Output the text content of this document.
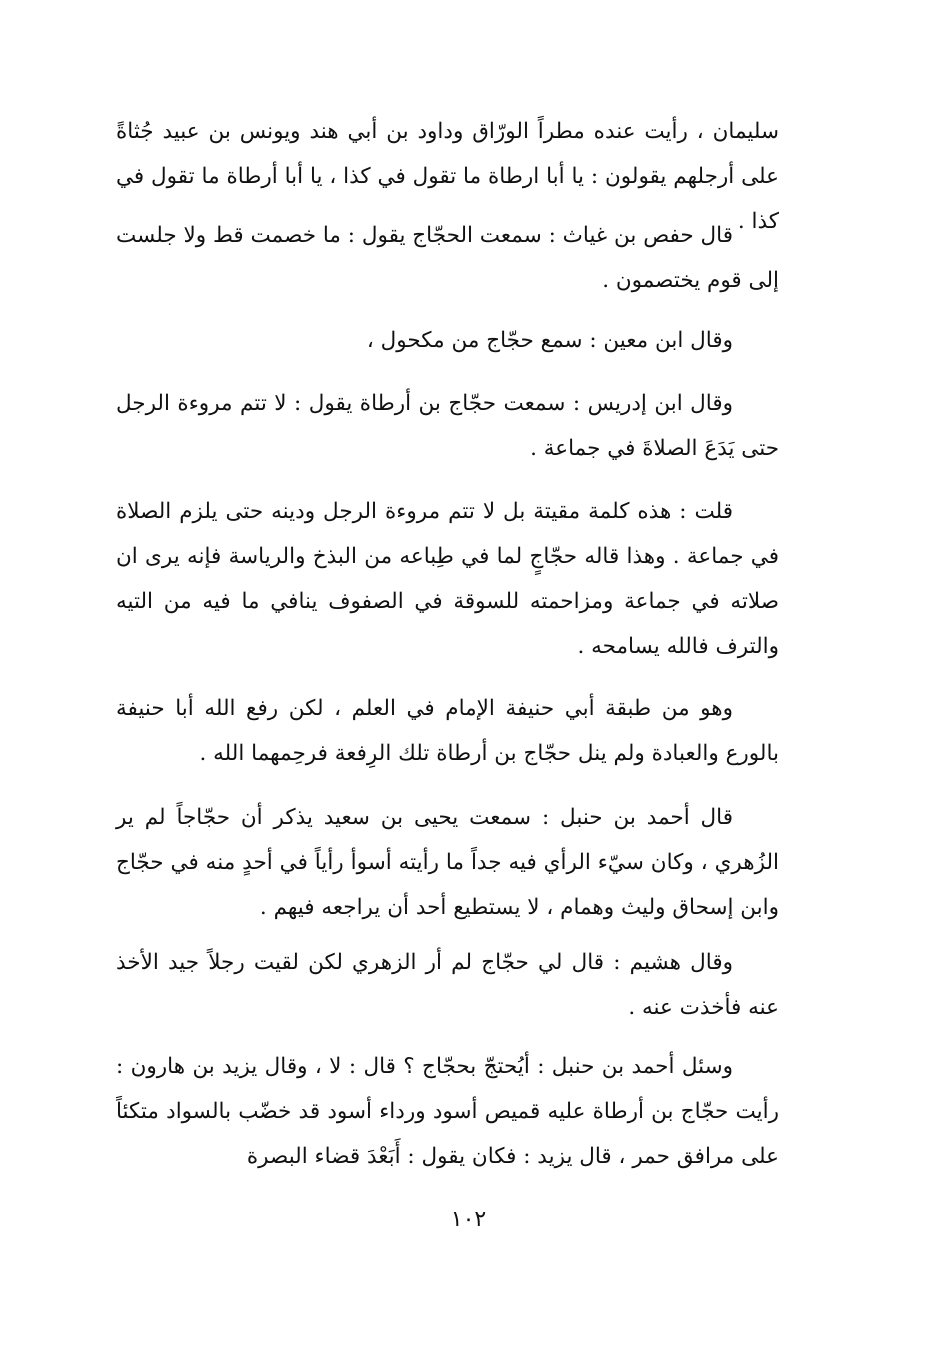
سليمان ، رأيت عنده مطراً الورّاق وداود بن أبي هند ويونس بن عبيد جُثاةً على أرجلهم يقولون : يا أبا ارطاة ما تقول في كذا ، يا أبا أرطاة ما تقول في كذا .

قال حفص بن غياث : سمعت الحجّاج يقول : ما خصمت قط ولا جلست إلى قوم يختصمون .

وقال ابن معين : سمع حجّاج من مكحول ،

وقال ابن إدريس : سمعت حجّاج بن أرطاة يقول : لا تتم مروءة الرجل حتى يَدَعَ الصلاةَ في جماعة .

قلت : هذه كلمة مقيتة بل لا تتم مروءة الرجل ودينه حتى يلزم الصلاة في جماعة . وهذا قاله حجّاجٍ لما في طِباعه من البذخ والرياسة فإنه يرى ان صلاته في جماعة ومزاحمته للسوقة في الصفوف ينافي ما فيه من التيه والترف فالله يسامحه .

وهو من طبقة أبي حنيفة الإمام في العلم ، لكن رفع الله أبا حنيفة بالورع والعبادة ولم ينل حجّاج بن أرطاة تلك الرِفعة فرحِمهما الله .

قال أحمد بن حنبل : سمعت يحيى بن سعيد يذكر أن حجّاجاً لم ير الزُهري ، وكان سيّء الرأي فيه جداً ما رأيته أسوأ رأياً في أحدٍ منه في حجّاج وابن إسحاق وليث وهمام ، لا يستطيع أحد أن يراجعه فيهم .

وقال هشيم : قال لي حجّاج لم أر الزهري لكن لقيت رجلاً جيد الأخذ عنه فأخذت عنه .

وسئل أحمد بن حنبل : أيُحتجّ بحجّاج ؟ قال : لا ، وقال يزيد بن هارون : رأيت حجّاج بن أرطاة عليه قميص أسود ورداء أسود قد خضّب بالسواد متكئاً على مرافق حمر ، قال يزيد : فكان يقول : أَبَعْدَ قضاء البصرة

١٠٢
